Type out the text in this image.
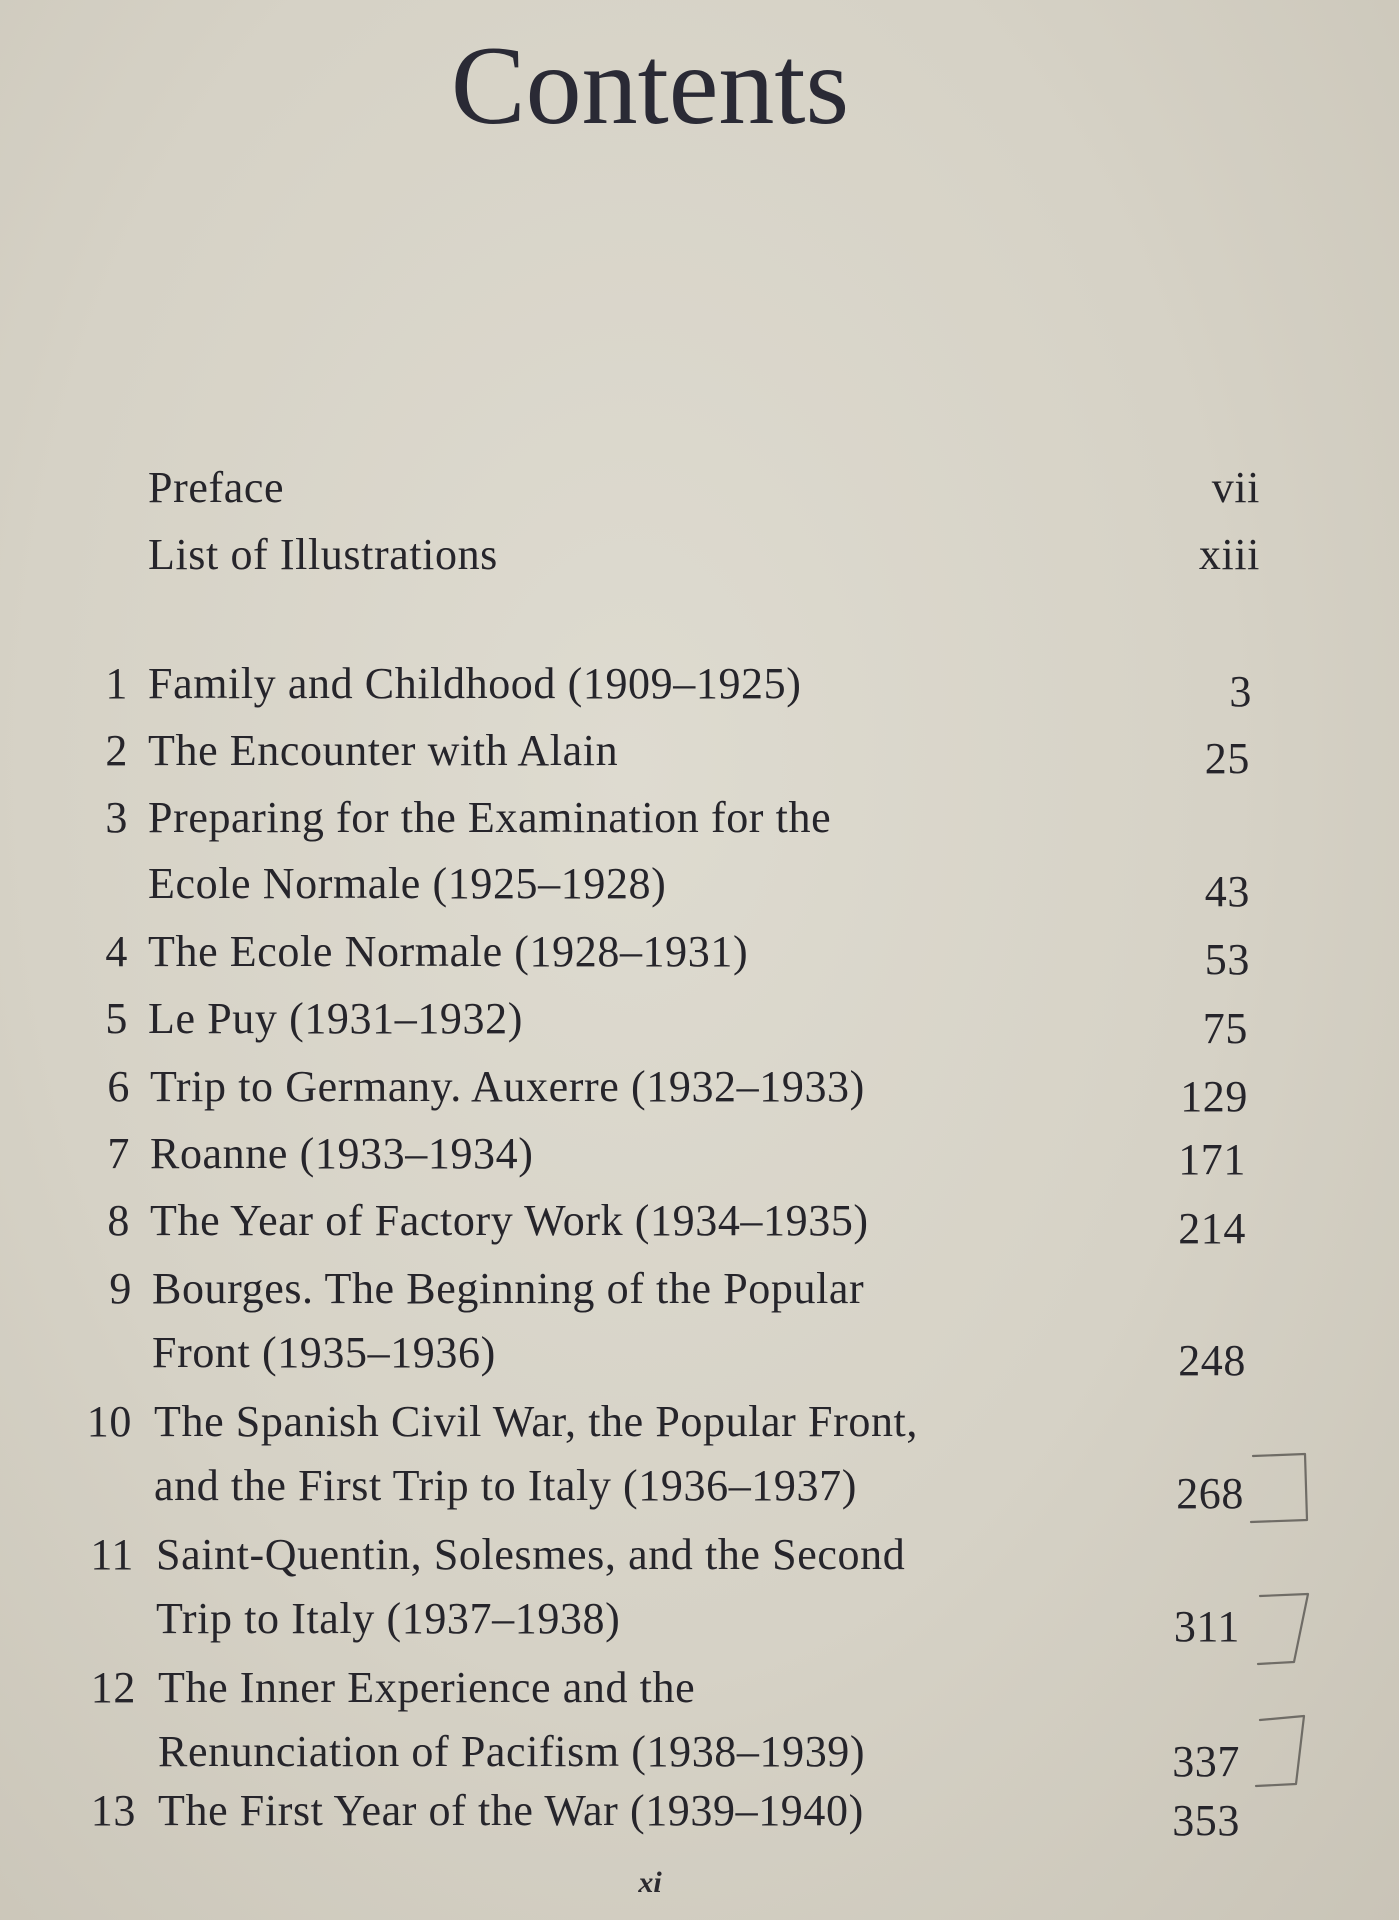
Contents
Preface	vii
List of Illustrations	xiii
1 Family and Childhood (1909–1925)	3
2 The Encounter with Alain	25
3 Preparing for the Examination for the
Ecole Normale (1925–1928)	43
4 The Ecole Normale (1928–1931)	53
5 Le Puy (1931–1932)	75
6 Trip to Germany. Auxerre (1932–1933)	129
7 Roanne (1933–1934)	171
8 The Year of Factory Work (1934–1935)	214
9 Bourges. The Beginning of the Popular
Front (1935–1936)	248
10 The Spanish Civil War, the Popular Front,
and the First Trip to Italy (1936–1937)	268
11 Saint-Quentin, Solesmes, and the Second
Trip to Italy (1937–1938)	311
12 The Inner Experience and the
Renunciation of Pacifism (1938–1939)	337
13 The First Year of the War (1939–1940)	353
xi
